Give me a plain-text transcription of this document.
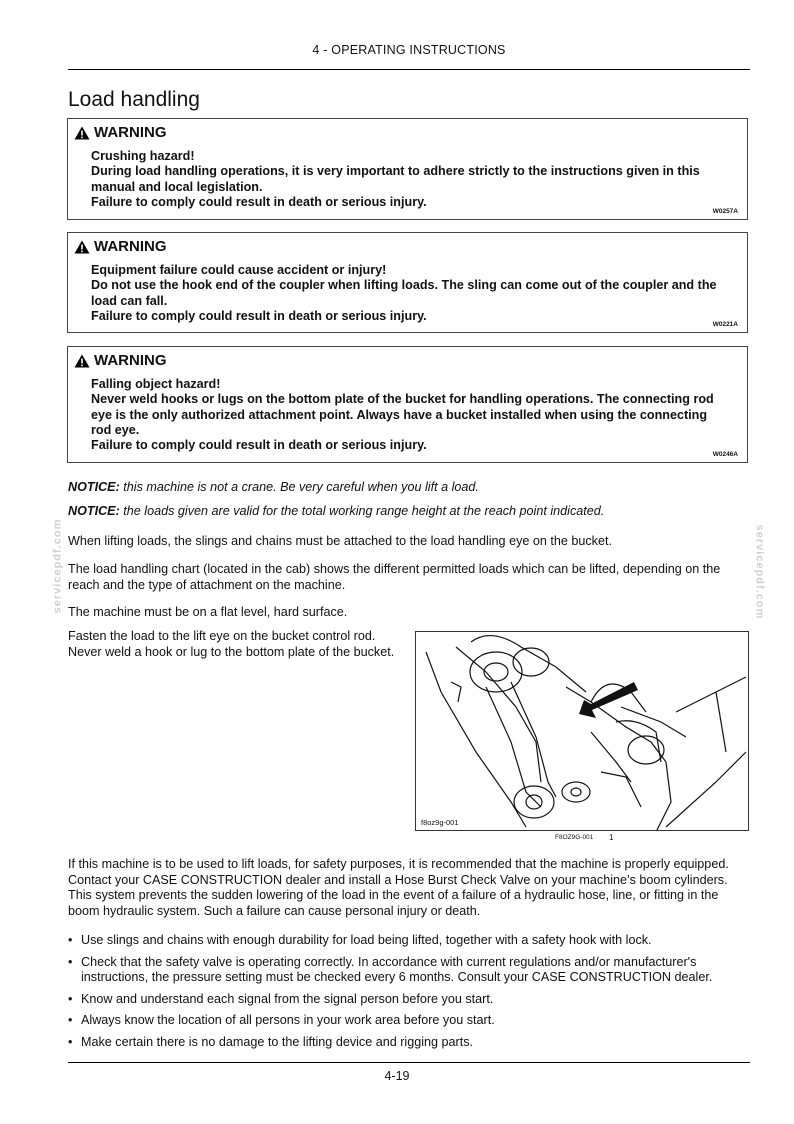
4 - OPERATING INSTRUCTIONS
Load handling
WARNING

Crushing hazard!

During load handling operations, it is very important to adhere strictly to the instructions given in this manual and local legislation.

Failure to comply could result in death or serious injury.

W0257A
WARNING

Equipment failure could cause accident or injury!

Do not use the hook end of the coupler when lifting loads. The sling can come out of the coupler and the load can fall.

Failure to comply could result in death or serious injury.

W0221A
WARNING

Falling object hazard!

Never weld hooks or lugs on the bottom plate of the bucket for handling operations. The connecting rod eye is the only authorized attachment point. Always have a bucket installed when using the connecting rod eye.

Failure to comply could result in death or serious injury.

W0246A

NOTICE: this machine is not a crane. Be very careful when you lift a load.

NOTICE: the loads given are valid for the total working range height at the reach point indicated.

When lifting loads, the slings and chains must be attached to the load handling eye on the bucket.

The load handling chart (located in the cab) shows the different permitted loads which can be lifted, depending on the reach and the type of attachment on the machine.

The machine must be on a flat level, hard surface.

Fasten the load to the lift eye on the bucket control rod. Never weld a hook or lug to the bottom plate of the bucket.

f8oz9g-001
F8OZ9G-001 1

If this machine is to be used to lift loads, for safety purposes, it is recommended that the machine is properly equipped. Contact your CASE CONSTRUCTION dealer and install a Hose Burst Check Valve on your machine’s boom cylinders. This system prevents the sudden lowering of the load in the event of a failure of a hydraulic hose, line, or fitting in the boom hydraulic system. Such a failure can cause personal injury or death.

• Use slings and chains with enough durability for load being lifted, together with a safety hook with lock.
• Check that the safety valve is operating correctly. In accordance with current regulations and/or manufacturer's instructions, the pressure setting must be checked every 6 months. Consult your CASE CONSTRUCTION dealer.
• Know and understand each signal from the signal person before you start.
• Always know the location of all persons in your work area before you start.
• Make certain there is no damage to the lifting device and rigging parts.
servicepdf.com	servicepdf.com
4-19
